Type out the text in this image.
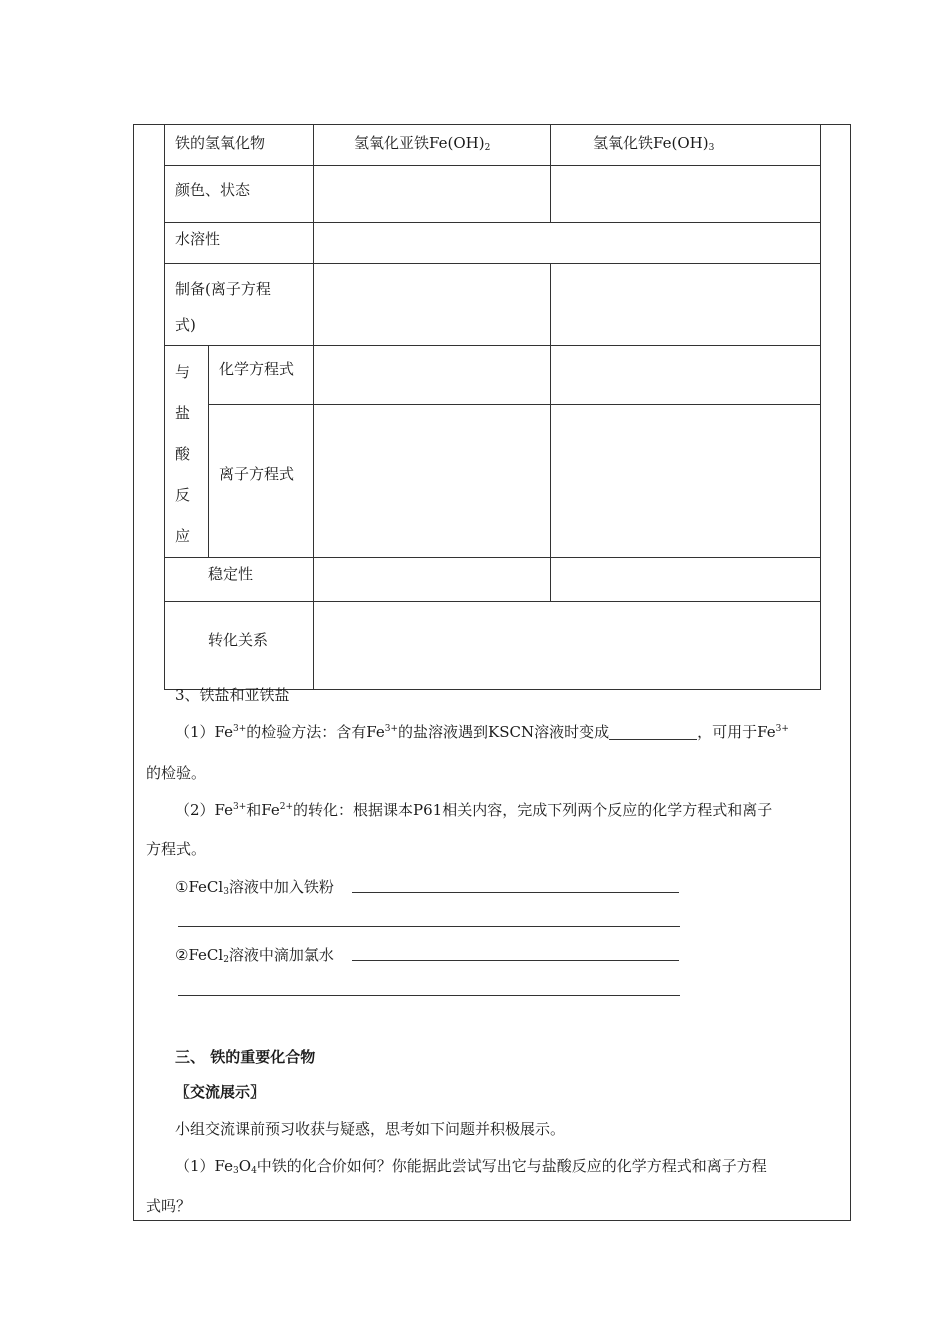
铁的氢氧化物		氢氧化亚铁$Fe(OH)_2$	氢氧化铁$Fe(OH)_3$

颜色、状态			

水溶性			

制备(离子方程
式)			

与
盐
酸
反
应	化学方程式		

	离子方程式		

稳定性			

转化关系			

3、铁盐和亚铁盐
$(1)Fe^{3+}$的检验方法：含有$Fe^{3+}$的盐溶液遇到KSCN溶液时变成	，可用于$Fe^{3+}$
的检验。
$(2)Fe^{3+}$和$Fe^{2+}$的转化：根据课本P61相关内容，完成下列两个反应的化学方程式和离子
方程式。
①FeCl$_3$溶液中加入铁粉
②FeCl$_2$溶液中滴加氯水
三、 铁的重要化合物
〖交流展示〗
小组交流课前预习收获与疑惑，思考如下问题并积极展示。
$(1)Fe_3O_4$中铁的化合价如何？你能据此尝试写出它与盐酸反应的化学方程式和离子方程
式吗？
